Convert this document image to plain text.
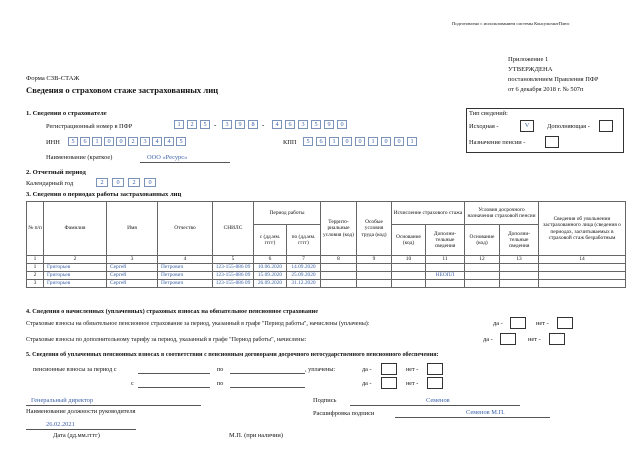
Подготовлено с использованием системы КонсультантПлюс
Приложение 1
УТВЕРЖДЕНА
постановлением Правления ПФР
от 6 декабря 2018 г. № 507п
Форма СЗВ-СТАЖ
Сведения о страховом стаже застрахованных лиц
Тип сведений:
Исходная -	V	Дополняющая -
Назначение пенсии -
1. Сведения о страхователе
Регистрационный номер в ПФР	1	2	5	-	3	9	8	-	4	6	3	5	9	0
ИНН	5	6	1	0	0	2	3	4	4	5	КПП	5	6	1	0	0	1	0	0	1
Наименование (краткое)	ООО «Ресурс»
2. Отчетный период
Календарный год	2	0	2	0
3. Сведения о периодах работы застрахованных лиц
№ п/п	Фамилия	Имя	Отчество	СНИЛС	Период работы		Террито-риальные условия (код)	Особые условия труда (код)	Исчисление страхового стажа		Условия досрочного назначения страховой пенсии		Сведения об увольнении застрахованного лица (сведения о периодах, засчитываемых в страховой стаж безработным
					с (дд.мм. гггг)	по (дд.мм. гггг)			Основание (код)	Дополни-тельные сведения	Основание (код)	Дополни-тельные сведения	
1	2	3	4	5	6	7	8	9	10	11	12	13	14
1	Григорьев	Сергей	Петрович	123-155-886 09	10.06.2020	14.09.2020							
2	Григорьев	Сергей	Петрович	123-155-886 09	15.09.2020	25.09.2020				НЕОПЛ			
3	Григорьев	Сергей	Петрович	123-155-886 09	26.09.2020	31.12.2020							
4. Сведения о начисленных (уплаченных) страховых взносах на обязательное пенсионное страхование
Страховые взносы на обязательное пенсионное страхование за период, указанный в графе "Период работы", начислены (уплачены):	да -	нет -
Страховые взносы по дополнительному тарифу за период, указанный в графе "Период работы", начислены:	да -	нет -
5. Сведения об уплаченных пенсионных взносах в соответствии с пенсионным договорами досрочного негосударственного пенсионного обеспечения:
пенсионные взносы за период с	по	, уплачены:	да -	нет -
с	по	да -	нет -
Генеральный директор
Наименование должности руководителя
Подпись	Семенов
Расшифровка подписи	Семенов М.П.
26.02.2021
Дата (дд.мм.гггг)	М.П. (при наличии)
